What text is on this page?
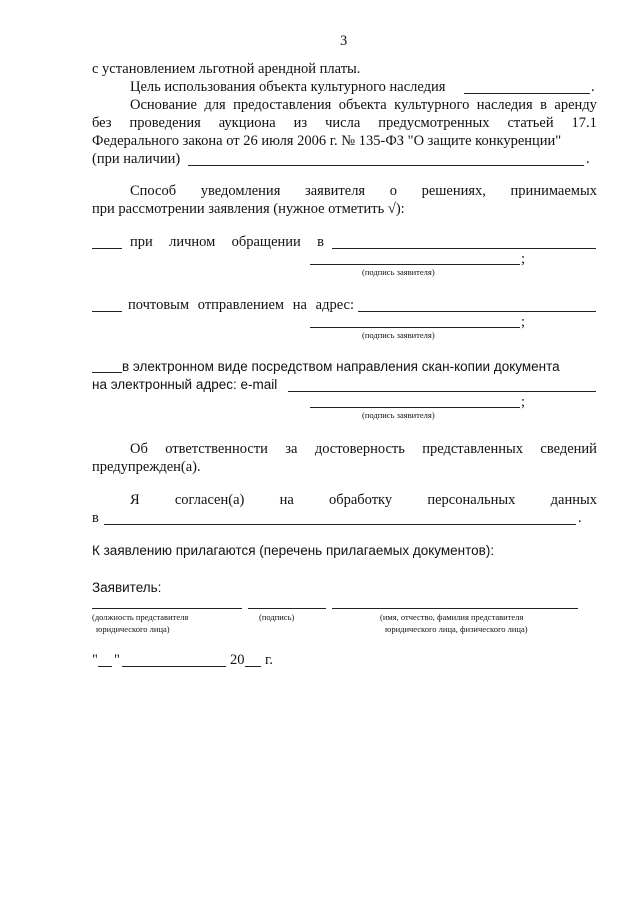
3
с установлением льготной арендной платы.
Цель использования объекта культурного наследия	.
Основание для предоставления объекта культурного наследия в аренду
без проведения аукциона из числа предусмотренных статьей 17.1
Федерального закона от 26 июля 2006 г. № 135-ФЗ "О защите конкуренции"
(при наличии)	.
Способ уведомления заявителя о решениях, принимаемых
при рассмотрении заявления (нужное отметить √):
при личном обращении в
;
(подпись заявителя)
почтовым отправлением на адрес:
;
(подпись заявителя)
в электронном виде посредством направления скан-копии документа
на электронный адрес: e-mail
;
(подпись заявителя)
Об ответственности за достоверность представленных сведений
предупрежден(а).
Я согласен(а) на обработку персональных данных
в	.
К заявлению прилагаются (перечень прилагаемых документов):
Заявитель:
(должность представителя
юридического лица)
(подпись)	(имя, отчество, фамилия представителя
юридического лица, физического лица)
" "	20 г.
